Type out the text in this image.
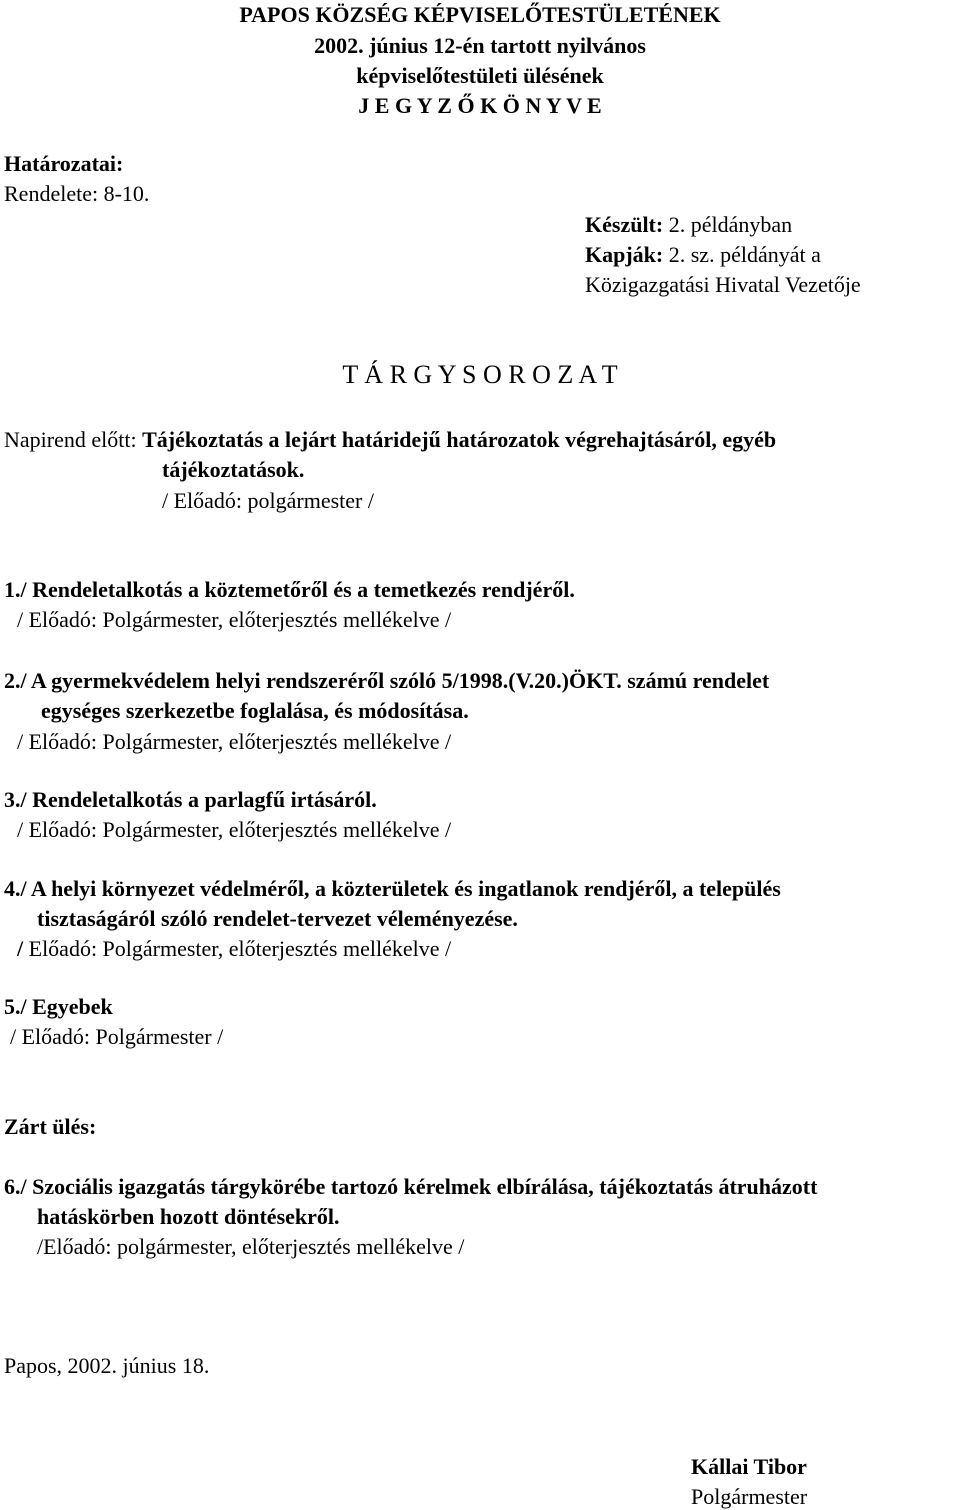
PAPOS KÖZSÉG KÉPVISELŐTESTÜLETÉNEK
2002. június 12-én tartott nyilvános
képviselőtestületi ülésének
J E G Y Z Ő K Ö N Y V E
Határozatai:
Rendelete: 8-10.
Készült: 2. példányban
Kapják: 2. sz. példányát a
Közigazgatási Hivatal Vezetője
T Á R G Y S O R O Z A T
Napirend előtt: Tájékoztatás a lejárt határidejű határozatok végrehajtásáról, egyéb
tájékoztatások.
/ Előadó: polgármester /
1./ Rendeletalkotás a köztemetőről és a temetkezés rendjéről.
/ Előadó: Polgármester, előterjesztés mellékelve /
2./ A gyermekvédelem helyi rendszeréről szóló 5/1998.(V.20.)ÖKT. számú rendelet
egységes szerkezetbe foglalása, és módosítása.
/ Előadó: Polgármester, előterjesztés mellékelve /
3./ Rendeletalkotás a parlagfű irtásáról.
/ Előadó: Polgármester, előterjesztés mellékelve /
4./ A helyi környezet védelméről, a közterületek és ingatlanok rendjéről, a település
tisztaságáról szóló rendelet-tervezet véleményezése.
/ Előadó: Polgármester, előterjesztés mellékelve /
5./ Egyebek
/ Előadó: Polgármester /
Zárt ülés:
6./ Szociális igazgatás tárgykörébe tartozó kérelmek elbírálása, tájékoztatás átruházott
hatáskörben hozott döntésekről.
/Előadó: polgármester, előterjesztés mellékelve /
Papos, 2002. június 18.
Kállai Tibor
Polgármester
